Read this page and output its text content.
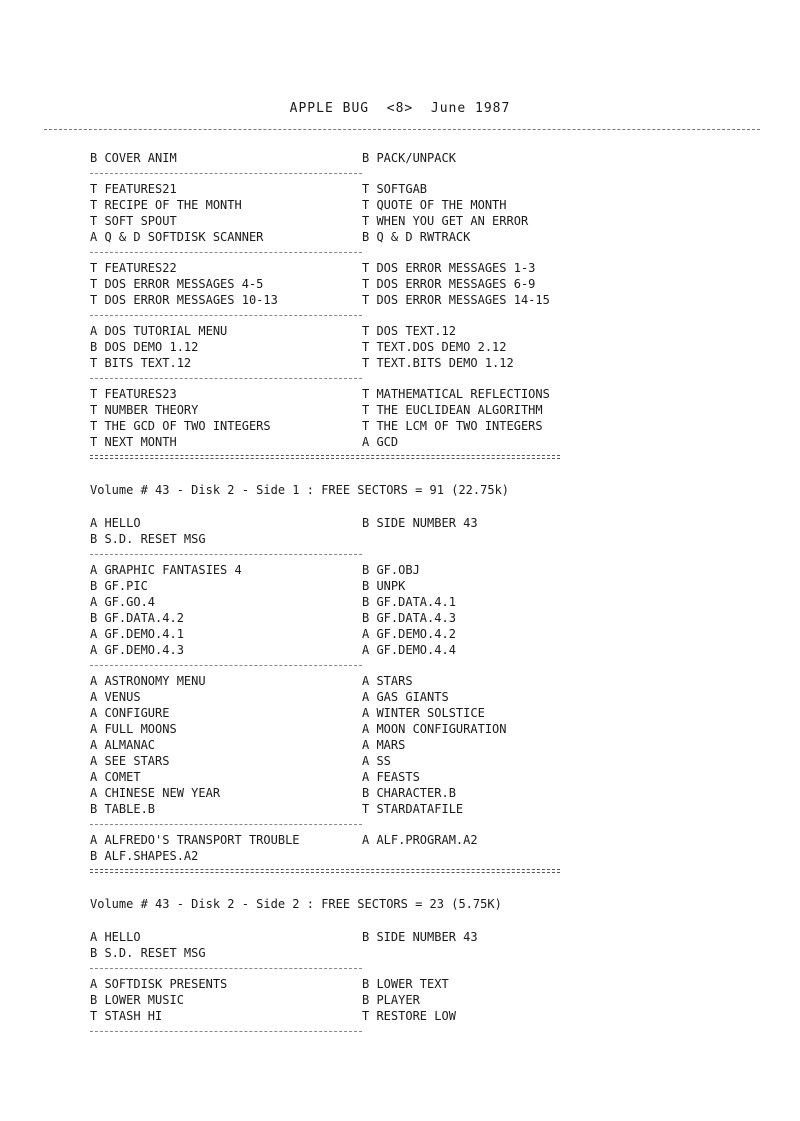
APPLE BUG  <8>  June 1987
B COVER ANIM	B PACK/UNPACK
T FEATURES21	T SOFTGAB
T RECIPE OF THE MONTH	T QUOTE OF THE MONTH
T SOFT SPOUT	T WHEN YOU GET AN ERROR
A Q & D SOFTDISK SCANNER	B Q & D RWTRACK
T FEATURES22	T DOS ERROR MESSAGES 1-3
T DOS ERROR MESSAGES 4-5	T DOS ERROR MESSAGES 6-9
T DOS ERROR MESSAGES 10-13	T DOS ERROR MESSAGES 14-15
A DOS TUTORIAL MENU	T DOS TEXT.12
B DOS DEMO 1.12	T TEXT.DOS DEMO 2.12
T BITS TEXT.12	T TEXT.BITS DEMO 1.12
T FEATURES23	T MATHEMATICAL REFLECTIONS
T NUMBER THEORY	T THE EUCLIDEAN ALGORITHM
T THE GCD OF TWO INTEGERS	T THE LCM OF TWO INTEGERS
T NEXT MONTH	A GCD
Volume # 43 - Disk 2 - Side 1 : FREE SECTORS = 91 (22.75k)
A HELLO	B SIDE NUMBER 43
B S.D. RESET MSG
A GRAPHIC FANTASIES 4	B GF.OBJ
B GF.PIC	B UNPK
A GF.GO.4	B GF.DATA.4.1
B GF.DATA.4.2	B GF.DATA.4.3
A GF.DEMO.4.1	A GF.DEMO.4.2
A GF.DEMO.4.3	A GF.DEMO.4.4
A ASTRONOMY MENU	A STARS
A VENUS	A GAS GIANTS
A CONFIGURE	A WINTER SOLSTICE
A FULL MOONS	A MOON CONFIGURATION
A ALMANAC	A MARS
A SEE STARS	A SS
A COMET	A FEASTS
A CHINESE NEW YEAR	B CHARACTER.B
B TABLE.B	T STARDATAFILE
A ALFREDO'S TRANSPORT TROUBLE	A ALF.PROGRAM.A2
B ALF.SHAPES.A2
Volume # 43 - Disk 2 - Side 2 : FREE SECTORS = 23 (5.75K)
A HELLO	B SIDE NUMBER 43
B S.D. RESET MSG
A SOFTDISK PRESENTS	B LOWER TEXT
B LOWER MUSIC	B PLAYER
T STASH HI	T RESTORE LOW
